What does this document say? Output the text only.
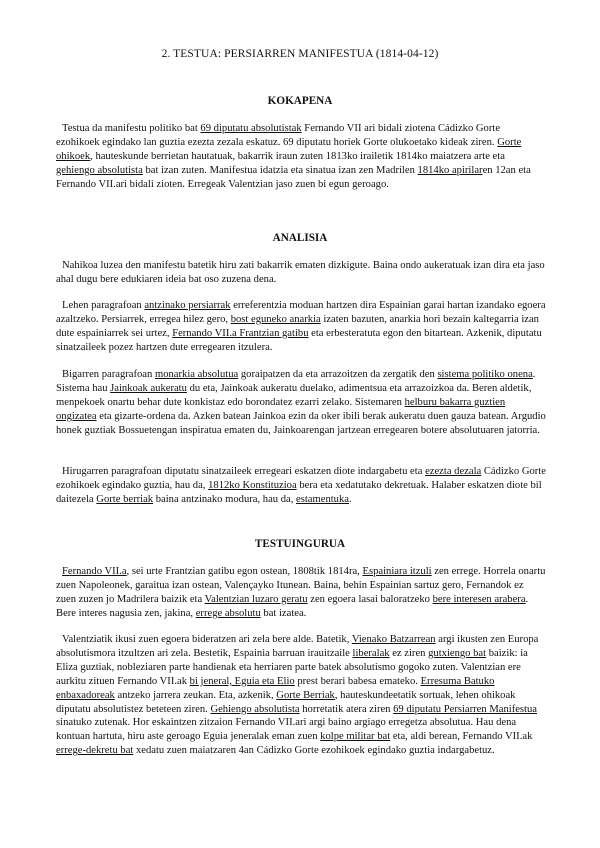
2. TESTUA: PERSIARREN MANIFESTUA (1814-04-12)
KOKAPENA

Testua da manifestu politiko bat 69 diputatu absolutistak Fernando VII ari bidali ziotena Cádizko Gorte ezohikoek egindako lan guztia ezezta zezala eskatuz. 69 diputatu horiek Gorte olukoetako kideak ziren. Gorte ohikoek, hauteskunde berrietan hautatuak, bakarrik iraun zuten 1813ko irailetik 1814ko maiatzera arte eta gehiengo absolutista bat izan zuten. Manifestua idatzia eta sinatua izan zen Madrilen 1814ko apirilaren 12an eta Fernando VII.ari bidali zioten. Erregeak Valentzian jaso zuen bi egun geroago.

ANALISIA

Nahikoa luzea den manifestu batetik hiru zati bakarrik ematen dizkigute. Baina ondo aukeratuak izan dira eta jaso ahal dugu bere edukiaren ideia bat oso zuzena dena.

Lehen paragrafoan antzinako persiarrak erreferentzia moduan hartzen dira Espainian garai hartan izandako egoera azaltzeko. Persiarrek, erregea hilez gero, bost eguneko anarkia izaten bazuten, anarkia hori bezain kaltegarria izan dute espainiarrek sei urtez, Fernando VII.a Frantzian gatibu eta erbesteratuta egon den bitartean. Azkenik, diputatu sinatzaileek pozez hartzen dute erregearen itzulera.

Bigarren paragrafoan monarkia absolutua goraipatzen da eta arrazoitzen da zergatik den sistema politiko onena. Sistema hau Jainkoak aukeratu du eta, Jainkoak aukeratu duelako, adimentsua eta arrazoizkoa da. Beren aldetik, menpekoek onartu behar dute konkistaz edo borondatez ezarri zelako. Sistemaren helburu bakarra guztien ongizatea eta gizarte-ordena da. Azken batean Jainkoa ezin da oker ibili berak aukeratu duen gauza batean. Argudio honek guztiak Bossuetengan inspiratua ematen du, Jainkoarengan jartzean erregearen botere absolutuaren jatorria.

Hirugarren paragrafoan diputatu sinatzaileek erregeari eskatzen diote indargabetu eta ezezta dezala Cádizko Gorte ezohikoek egindako guztia, hau da, 1812ko Konstituzioa bera eta xedatutako dekretuak. Halaber eskatzen diote bil daitezela Gorte berriak baina antzinako modura, hau da, estamentuka.

TESTUINGURUA

Fernando VII.a, sei urte Frantzian gatibu egon ostean, 1808tik 1814ra, Espainiara itzuli zen errege. Horrela onartu zuen Napoleonek, garaitua izan ostean, Valençayko Itunean. Baina, behin Espainian sartuz gero, Fernandok ez zuen zuzen jo Madrilera baizik eta Valentzian luzaro geratu zen egoera lasai baloratzeko bere interesen arabera. Bere interes nagusia zen, jakina, errege absolutu bat izatea.

Valentziatik ikusi zuen egoera bideratzen ari zela bere alde. Batetik, Vienako Batzarrean argi ikusten zen Europa absolutismora itzultzen ari zela. Bestetik, Espainia barruan irauitzaile liberalak ez ziren gutxiengo bat baizik: ia Eliza guztiak, nobleziaren parte handienak eta herriaren parte batek absolutismo gogoko zuten. Valentzian ere aurkitu zituen Fernando VII.ak bi jeneral, Eguia eta Elio prest berari babesa emateko. Erresuma Batuko enbaxadoreak antzeko jarrera zeukan. Eta, azkenik, Gorte Berriak, hauteskundeetatik sortuak, lehen ohikoak diputatu absolutistez beteteen ziren. Gehiengo absolutista horretatik atera ziren 69 diputatu Persiarren Manifestua sinatuko zutenak. Hor eskaintzen zitzaion Fernando VII.ari argi baino argiago erregetza absolutua. Hau dena kontuan hartuta, hiru aste geroago Eguia jeneralak eman zuen kolpe militar bat eta, aldi berean, Fernando VII.ak errege-dekretu bat xedatu zuen maiatzaren 4an Cádizko Gorte ezohikoek egindako guztia indargabetuz.
